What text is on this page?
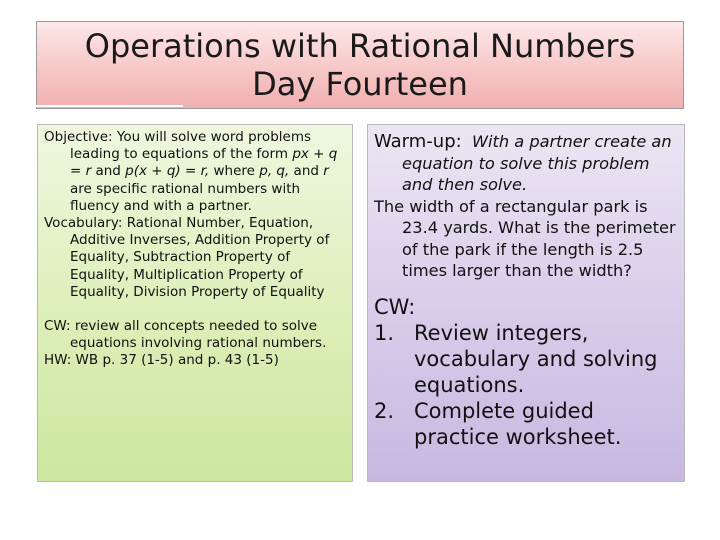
Operations with Rational Numbers
Day Fourteen

Objective: You will solve word problems leading to equations of the form px + q = r and p(x + q) = r, where p, q, and r are specific rational numbers with fluency and with a partner.

Vocabulary: Rational Number, Equation, Additive Inverses, Addition Property of Equality, Subtraction Property of Equality, Multiplication Property of Equality, Division Property of Equality

CW: review all concepts needed to solve equations involving rational numbers.

HW: WB p. 37 (1-5) and p. 43 (1-5)

Warm-up: With a partner create an equation to solve this problem and then solve.

The width of a rectangular park is 23.4 yards. What is the perimeter of the park if the length is 2.5 times larger than the width?

CW:

1. Review integers, vocabulary and solving equations.
2. Complete guided practice worksheet.
